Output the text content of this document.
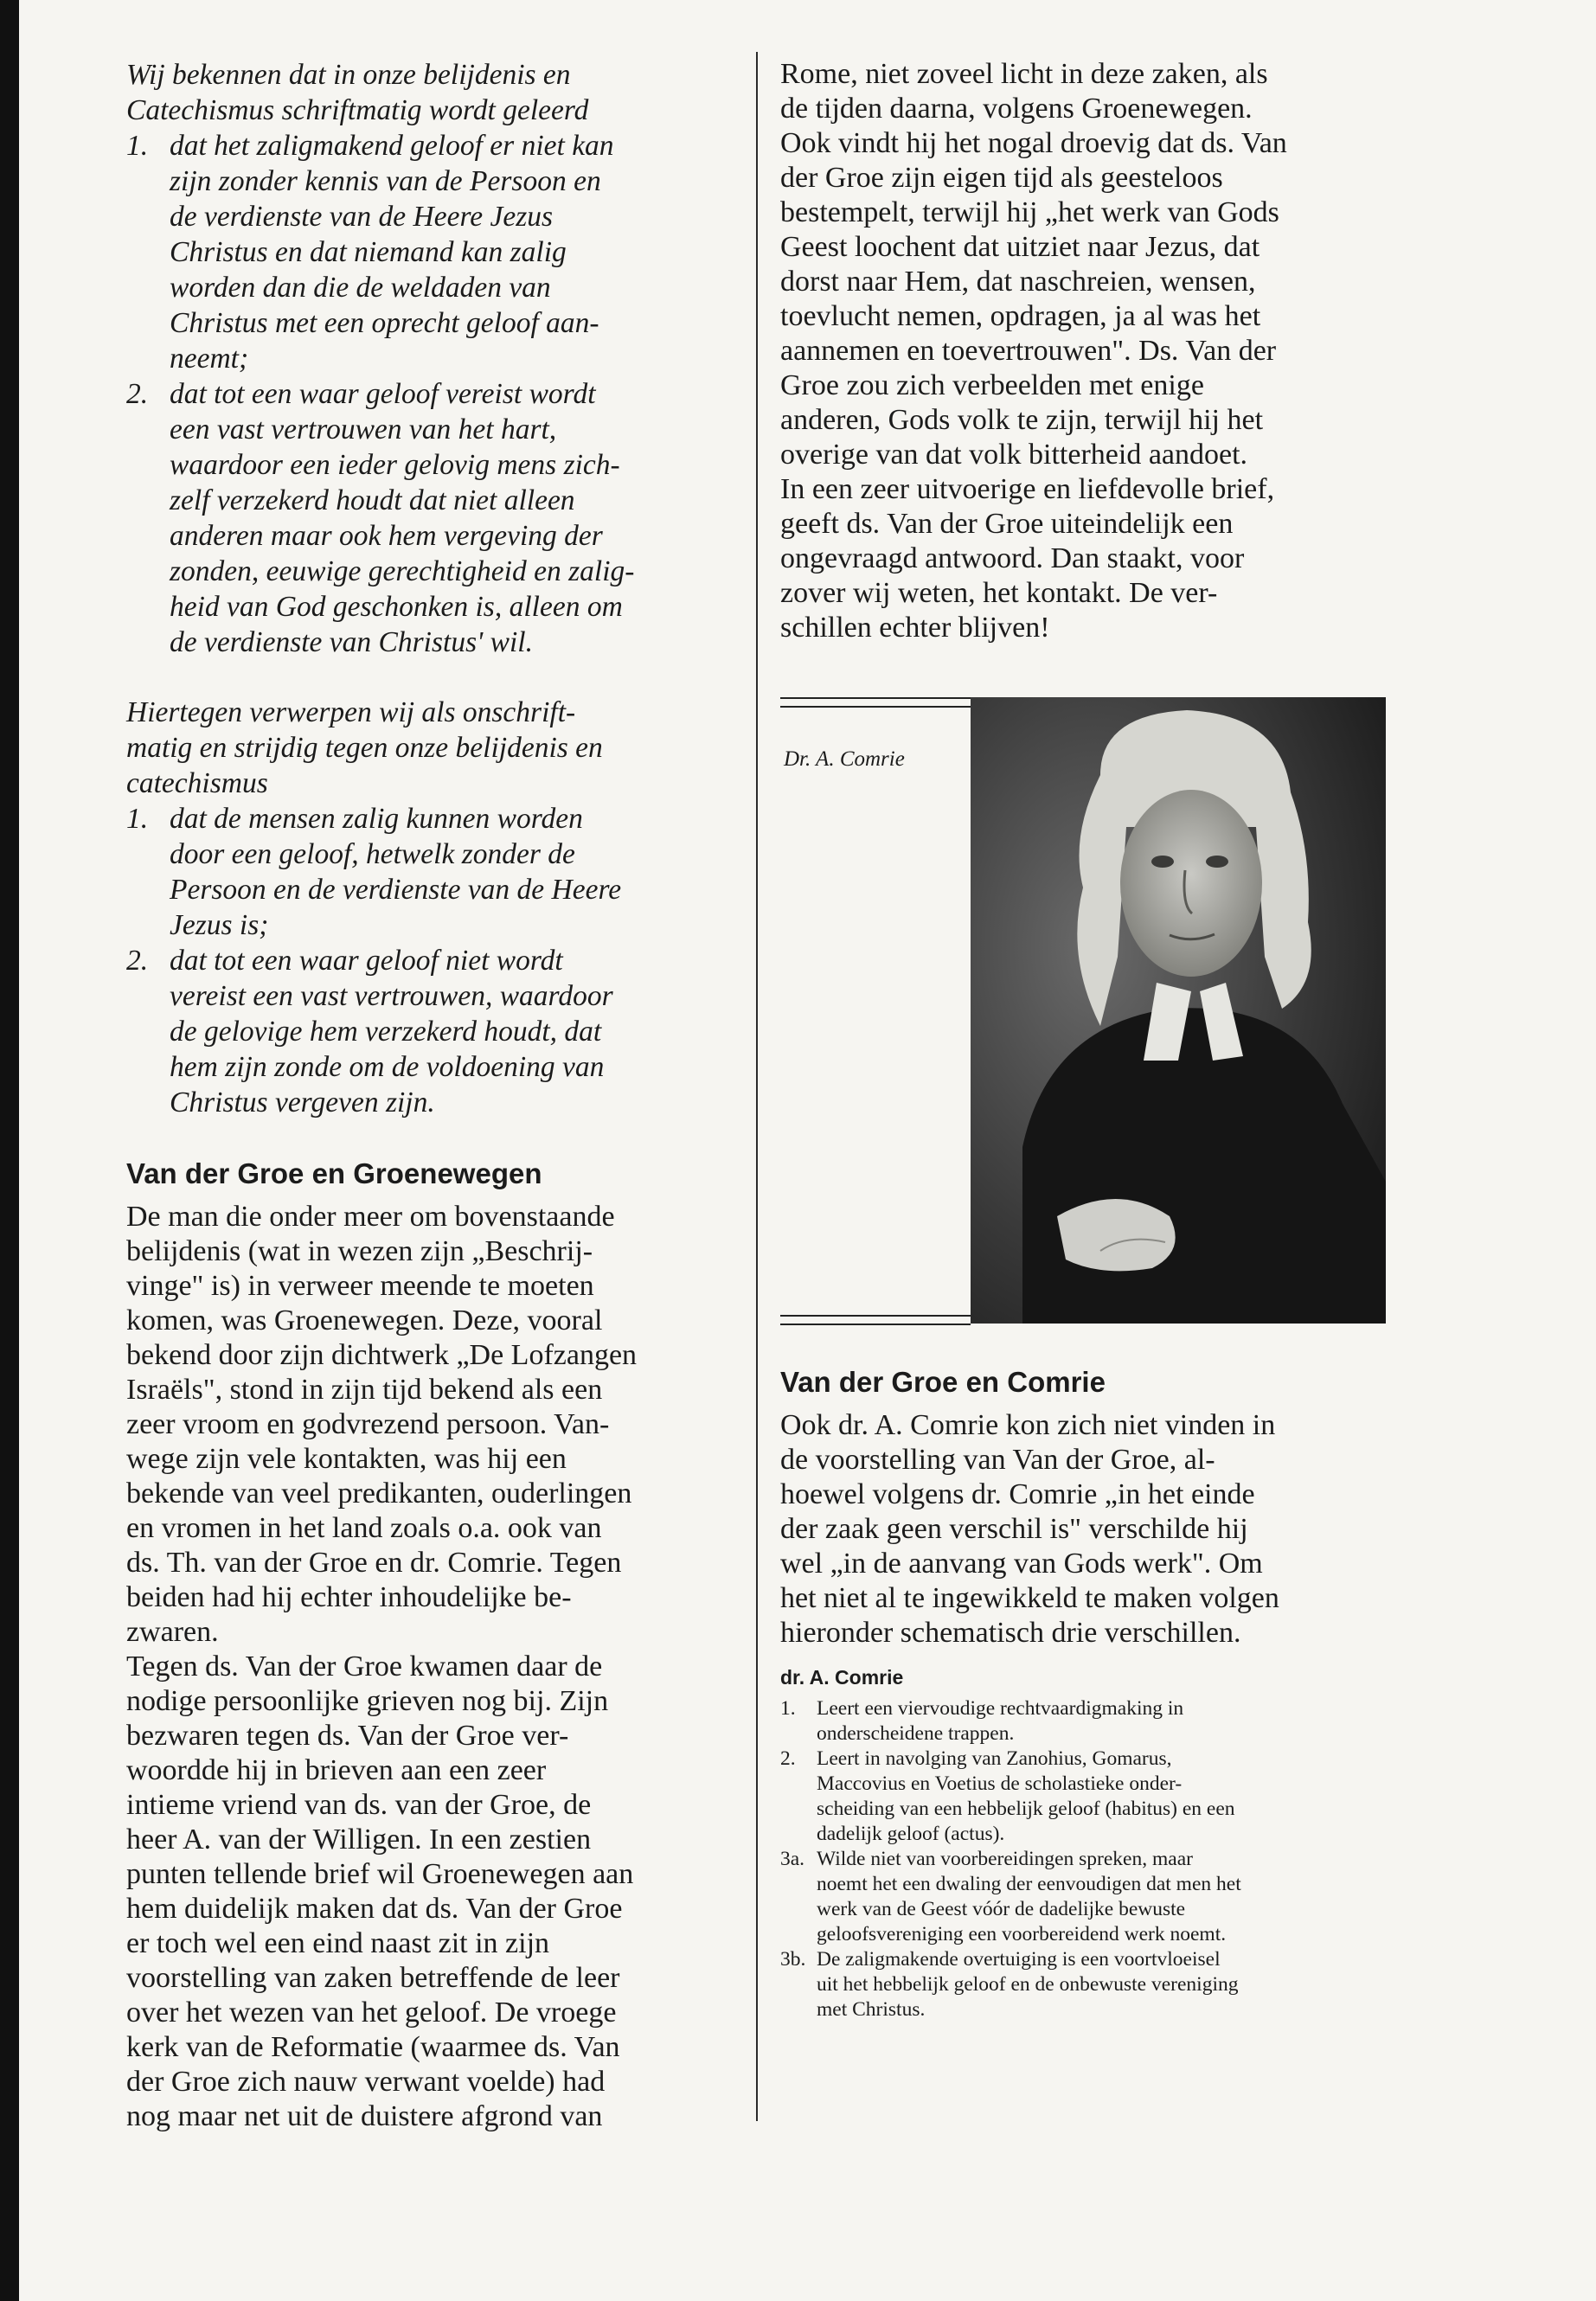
Wij bekennen dat in onze belijdenis en
Catechismus schriftmatig wordt geleerd
1. dat het zaligmakend geloof er niet kan
zijn zonder kennis van de Persoon en
de verdienste van de Heere Jezus
Christus en dat niemand kan zalig
worden dan die de weldaden van
Christus met een oprecht geloof aan-
neemt;
2. dat tot een waar geloof vereist wordt
een vast vertrouwen van het hart,
waardoor een ieder gelovig mens zich-
zelf verzekerd houdt dat niet alleen
anderen maar ook hem vergeving der
zonden, eeuwige gerechtigheid en zalig-
heid van God geschonken is, alleen om
de verdienste van Christus' wil.
Hiertegen verwerpen wij als onschrift-
matig en strijdig tegen onze belijdenis en
catechismus
1. dat de mensen zalig kunnen worden
door een geloof, hetwelk zonder de
Persoon en de verdienste van de Heere
Jezus is;
2. dat tot een waar geloof niet wordt
vereist een vast vertrouwen, waardoor
de gelovige hem verzekerd houdt, dat
hem zijn zonde om de voldoening van
Christus vergeven zijn.
Van der Groe en Groenewegen
De man die onder meer om bovenstaande
belijdenis (wat in wezen zijn „Beschrij-
vinge" is) in verweer meende te moeten
komen, was Groenewegen. Deze, vooral
bekend door zijn dichtwerk „De Lofzangen
Israëls", stond in zijn tijd bekend als een
zeer vroom en godvrezend persoon. Van-
wege zijn vele kontakten, was hij een
bekende van veel predikanten, ouderlingen
en vromen in het land zoals o.a. ook van
ds. Th. van der Groe en dr. Comrie. Tegen
beiden had hij echter inhoudelijke be-
zwaren.
Tegen ds. Van der Groe kwamen daar de
nodige persoonlijke grieven nog bij. Zijn
bezwaren tegen ds. Van der Groe ver-
woordde hij in brieven aan een zeer
intieme vriend van ds. van der Groe, de
heer A. van der Willigen. In een zestien
punten tellende brief wil Groenewegen aan
hem duidelijk maken dat ds. Van der Groe
er toch wel een eind naast zit in zijn
voorstelling van zaken betreffende de leer
over het wezen van het geloof. De vroege
kerk van de Reformatie (waarmee ds. Van
der Groe zich nauw verwant voelde) had
nog maar net uit de duistere afgrond van
Rome, niet zoveel licht in deze zaken, als
de tijden daarna, volgens Groenewegen.
Ook vindt hij het nogal droevig dat ds. Van
der Groe zijn eigen tijd als geesteloos
bestempelt, terwijl hij „het werk van Gods
Geest loochent dat uitziet naar Jezus, dat
dorst naar Hem, dat naschreien, wensen,
toevlucht nemen, opdragen, ja al was het
aannemen en toevertrouwen". Ds. Van der
Groe zou zich verbeelden met enige
anderen, Gods volk te zijn, terwijl hij het
overige van dat volk bitterheid aandoet.
In een zeer uitvoerige en liefdevolle brief,
geeft ds. Van der Groe uiteindelijk een
ongevraagd antwoord. Dan staakt, voor
zover wij weten, het kontakt. De ver-
schillen echter blijven!
Dr. A. Comrie
Van der Groe en Comrie
Ook dr. A. Comrie kon zich niet vinden in
de voorstelling van Van der Groe, al-
hoewel volgens dr. Comrie „in het einde
der zaak geen verschil is" verschilde hij
wel „in de aanvang van Gods werk". Om
het niet al te ingewikkeld te maken volgen
hieronder schematisch drie verschillen.
dr. A. Comrie
1. Leert een viervoudige rechtvaardigmaking in
onderscheidene trappen.
2. Leert in navolging van Zanohius, Gomarus,
Maccovius en Voetius de scholastieke onder-
scheiding van een hebbelijk geloof (habitus) en een
dadelijk geloof (actus).
3a. Wilde niet van voorbereidingen spreken, maar
noemt het een dwaling der eenvoudigen dat men het
werk van de Geest vóór de dadelijke bewuste
geloofsvereniging een voorbereidend werk noemt.
3b. De zaligmakende overtuiging is een voortvloeisel
uit het hebbelijk geloof en de onbewuste vereniging
met Christus.
